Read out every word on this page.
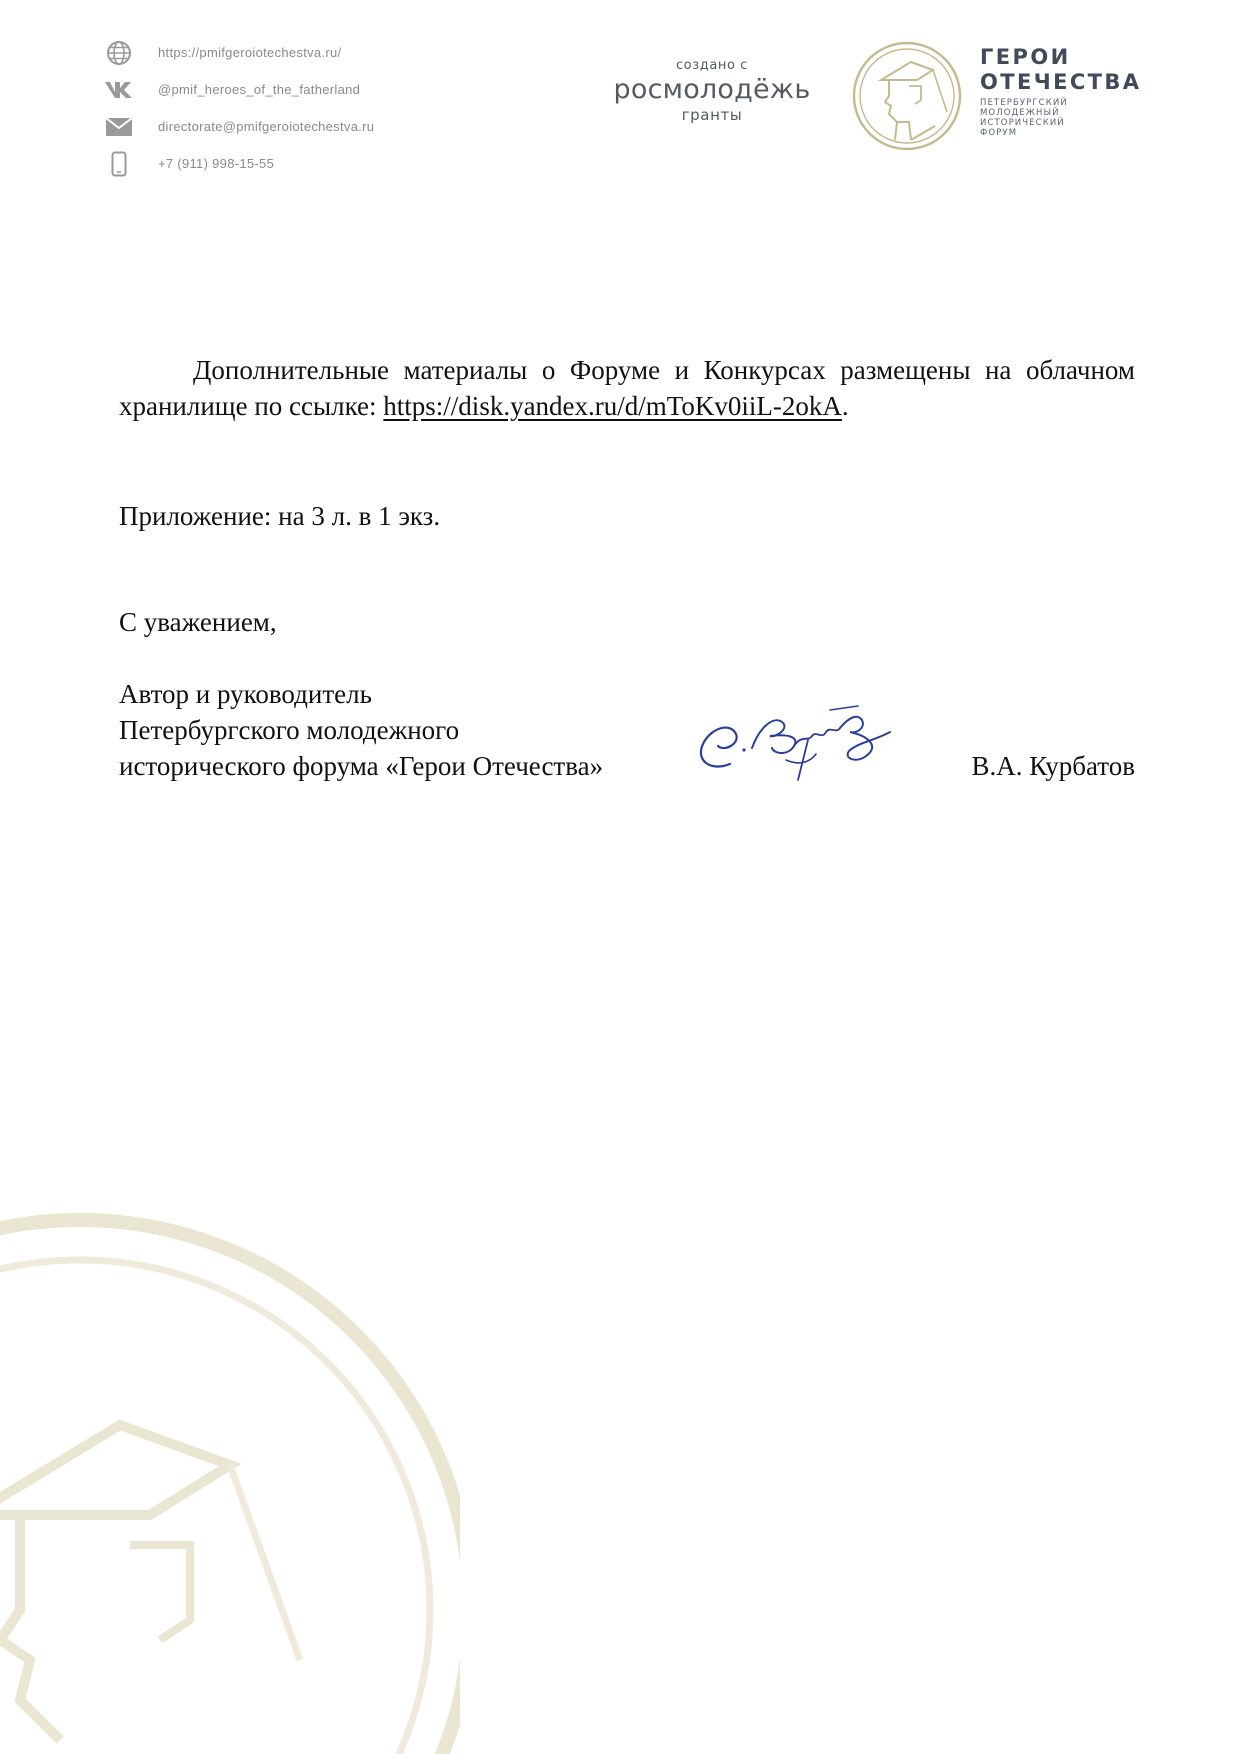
https://pmifgeroiotechestva.ru/
@pmif_heroes_of_the_fatherland
directorate@pmifgeroiotechestva.ru
+7 (911) 998-15-55
создано с
росмолодёжь
гранты
ГЕРОИ
ОТЕЧЕСТВА
ПЕТЕРБУРГСКИЙ
МОЛОДЕЖНЫЙ
ИСТОРИЧЕСКИЙ
ФОРУМ
Дополнительные материалы о Форуме и Конкурсах размещены на облачном хранилище по ссылке: https://disk.yandex.ru/d/mToKv0iiL-2okA.
Приложение: на 3 л. в 1 экз.
С уважением,
Автор и руководитель
Петербургского молодежного
исторического форума «Герои Отечества»	В.А. Курбатов
